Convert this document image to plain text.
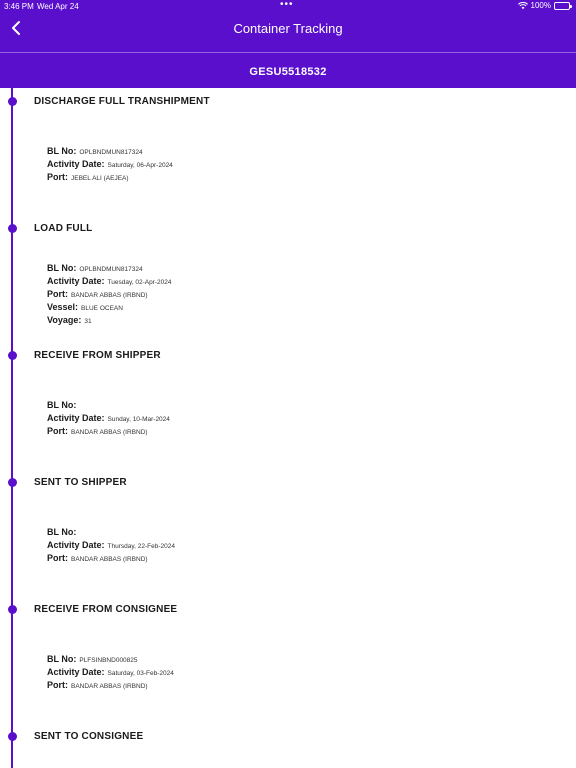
3:46 PM Wed Apr 24	•••	100%
Container Tracking
GESU5518532
DISCHARGE FULL TRANSHIPMENT
BL No: OPLBNDMUN817324
Activity Date: Saturday, 06-Apr-2024
Port: JEBEL ALI (AEJEA)
LOAD FULL
BL No: OPLBNDMUN817324
Activity Date: Tuesday, 02-Apr-2024
Port: BANDAR ABBAS (IRBND)
Vessel: BLUE OCEAN
Voyage: 31
RECEIVE FROM SHIPPER
BL No:
Activity Date: Sunday, 10-Mar-2024
Port: BANDAR ABBAS (IRBND)
SENT TO SHIPPER
BL No:
Activity Date: Thursday, 22-Feb-2024
Port: BANDAR ABBAS (IRBND)
RECEIVE FROM CONSIGNEE
BL No: PLFSINBND000825
Activity Date: Saturday, 03-Feb-2024
Port: BANDAR ABBAS (IRBND)
SENT TO CONSIGNEE
